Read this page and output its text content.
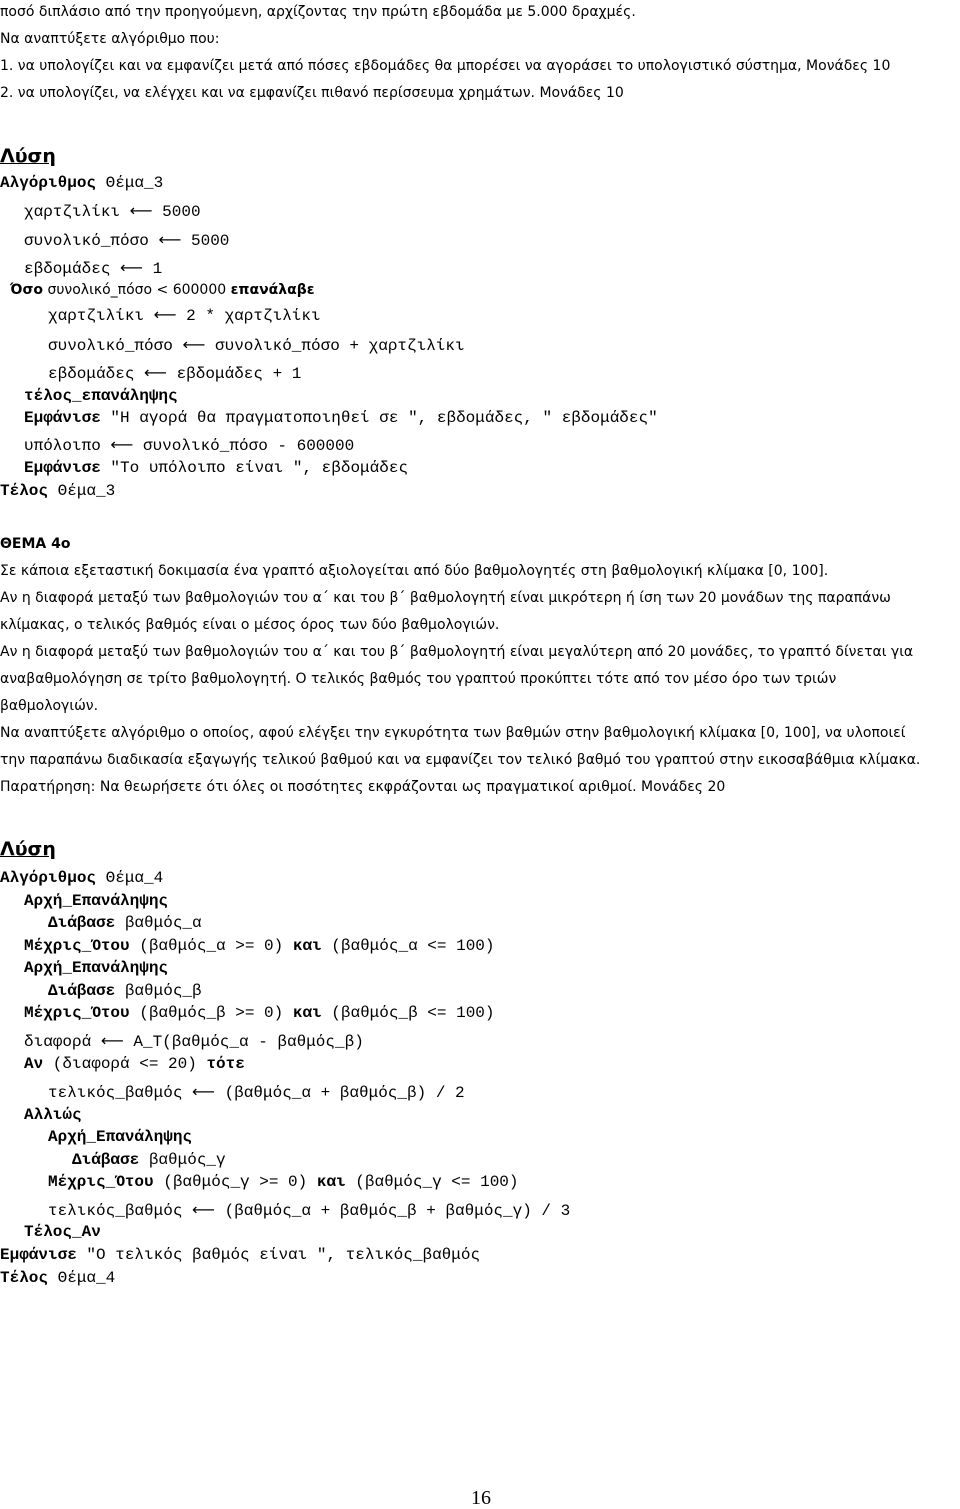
ποσό διπλάσιο από την προηγούμενη, αρχίζοντας την πρώτη εβδομάδα με 5.000 δραχμές.
Να αναπτύξετε αλγόριθμο που:
1. να υπολογίζει και να εμφανίζει μετά από πόσες εβδομάδες θα μπορέσει να αγοράσει το υπολογιστικό σύστημα, Μονάδες 10
2. να υπολογίζει, να ελέγχει και να εμφανίζει πιθανό περίσσευμα χρημάτων. Μονάδες 10
Λύση
Αλγόριθμος Θέμα_3
χαρτζιλίκι ⟵ 5000
συνολικό_πόσο ⟵ 5000
εβδομάδες ⟵ 1
Όσο συνολικό_πόσο < 600000 επανάλαβε
χαρτζιλίκι ⟵ 2 * χαρτζιλίκι
συνολικό_πόσο ⟵ συνολικό_πόσο + χαρτζιλίκι
εβδομάδες ⟵ εβδομάδες + 1
τέλος_επανάληψης
Εμφάνισε "Η αγορά θα πραγματοποιηθεί σε ", εβδομάδες, " εβδομάδες"
υπόλοιπο ⟵ συνολικό_πόσο - 600000
Εμφάνισε "Το υπόλοιπο είναι ", εβδομάδες
Τέλος Θέμα_3
ΘΕΜΑ 4ο
Σε κάποια εξεταστική δοκιμασία ένα γραπτό αξιολογείται από δύο βαθμολογητές στη βαθμολογική κλίμακα [0, 100].
Αν η διαφορά μεταξύ των βαθμολογιών του α΄ και του β΄ βαθμολογητή είναι μικρότερη ή ίση των 20 μονάδων της παραπάνω
κλίμακας, ο τελικός βαθμός είναι ο μέσος όρος των δύο βαθμολογιών.
Αν η διαφορά μεταξύ των βαθμολογιών του α΄ και του β΄ βαθμολογητή είναι μεγαλύτερη από 20 μονάδες, το γραπτό δίνεται για
αναβαθμολόγηση σε τρίτο βαθμολογητή. Ο τελικός βαθμός του γραπτού προκύπτει τότε από τον μέσο όρο των τριών
βαθμολογιών.
Να αναπτύξετε αλγόριθμο ο οποίος, αφού ελέγξει την εγκυρότητα των βαθμών στην βαθμολογική κλίμακα [0, 100], να υλοποιεί
την παραπάνω διαδικασία εξαγωγής τελικού βαθμού και να εμφανίζει τον τελικό βαθμό του γραπτού στην εικοσαβάθμια κλίμακα.
Παρατήρηση: Να θεωρήσετε ότι όλες οι ποσότητες εκφράζονται ως πραγματικοί αριθμοί. Μονάδες 20
Λύση
Αλγόριθμος Θέμα_4
Αρχή_Επανάληψης
Διάβασε βαθμός_α
Μέχρις_Ότου (βαθμός_α >= 0) και (βαθμός_α <= 100)
Αρχή_Επανάληψης
Διάβασε βαθμός_β
Μέχρις_Ότου (βαθμός_β >= 0) και (βαθμός_β <= 100)
διαφορά ⟵ Α_Τ(βαθμός_α - βαθμός_β)
Αν (διαφορά <= 20) τότε
τελικός_βαθμός ⟵ (βαθμός_α + βαθμός_β) / 2
Αλλιώς
Αρχή_Επανάληψης
Διάβασε βαθμός_γ
Μέχρις_Ότου (βαθμός_γ >= 0) και (βαθμός_γ <= 100)
τελικός_βαθμός ⟵ (βαθμός_α + βαθμός_β + βαθμός_γ) / 3
Τέλος_Αν
Εμφάνισε "Ο τελικός βαθμός είναι ", τελικός_βαθμός
Τέλος Θέμα_4
16
